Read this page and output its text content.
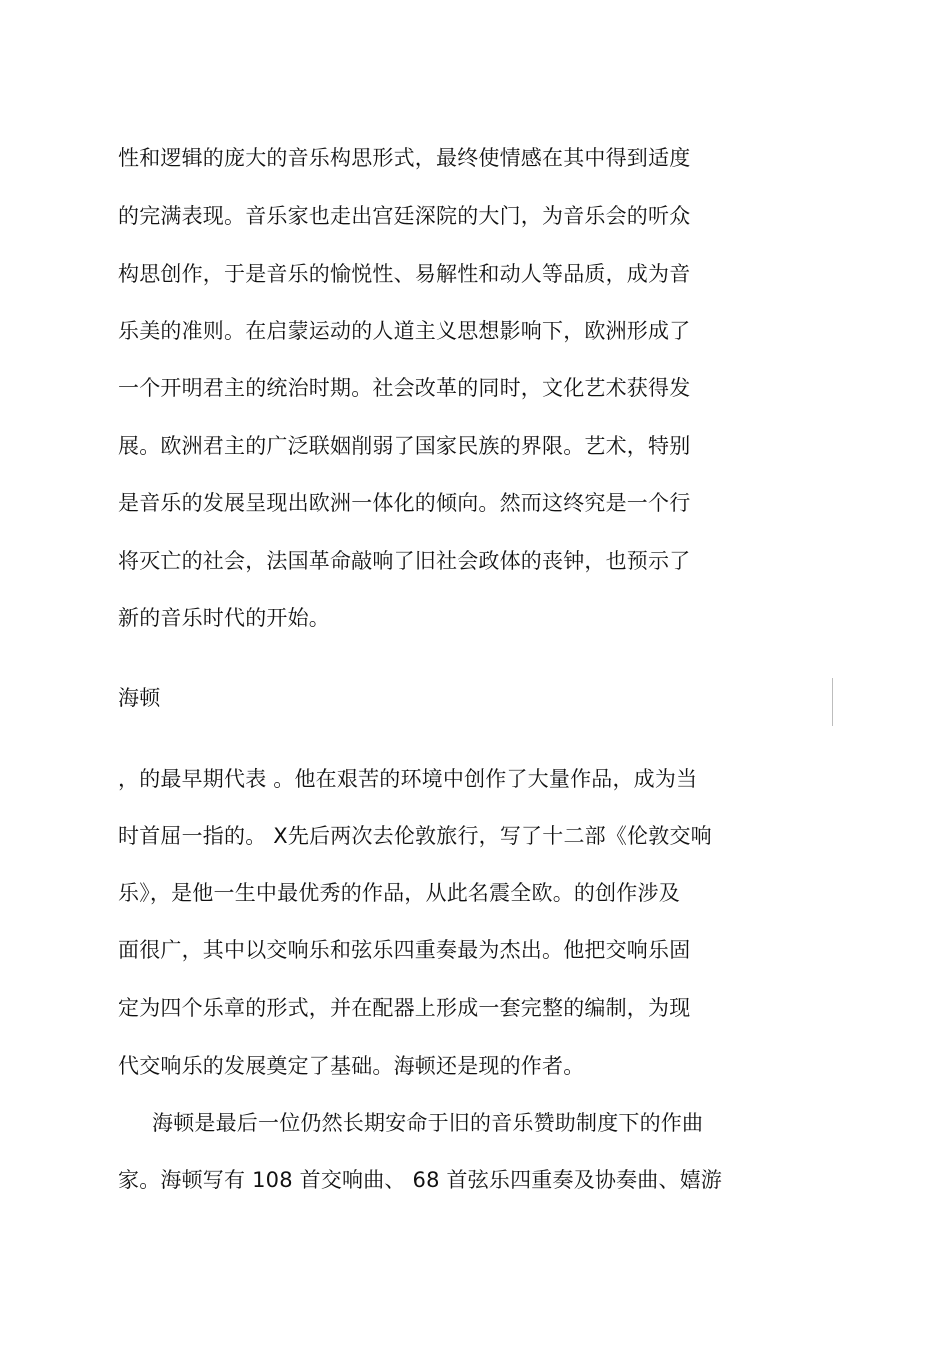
性和逻辑的庞大的音乐构思形式，最终使情感在其中得到适度
的完满表现。音乐家也走出宫廷深院的大门，为音乐会的听众
构思创作，于是音乐的愉悦性、易解性和动人等品质，成为音
乐美的准则。在启蒙运动的人道主义思想影响下，欧洲形成了
一个开明君主的统治时期。社会改革的同时，文化艺术获得发
展。欧洲君主的广泛联姻削弱了国家民族的界限。艺术，特别
是音乐的发展呈现出欧洲一体化的倾向。然而这终究是一个行
将灭亡的社会，法国革命敲响了旧社会政体的丧钟，也预示了
新的音乐时代的开始。
海顿
，的最早期代表 。他在艰苦的环境中创作了大量作品，成为当
时首屈一指的。 X先后两次去伦敦旅行，写了十二部《伦敦交响
乐》，是他一生中最优秀的作品，从此名震全欧。的创作涉及
面很广，其中以交响乐和弦乐四重奏最为杰出。他把交响乐固
定为四个乐章的形式，并在配器上形成一套完整的编制，为现
代交响乐的发展奠定了基础。海顿还是现的作者。
海顿是最后一位仍然长期安命于旧的音乐赞助制度下的作曲
家。海顿写有 108 首交响曲、 68 首弦乐四重奏及协奏曲、嬉游
